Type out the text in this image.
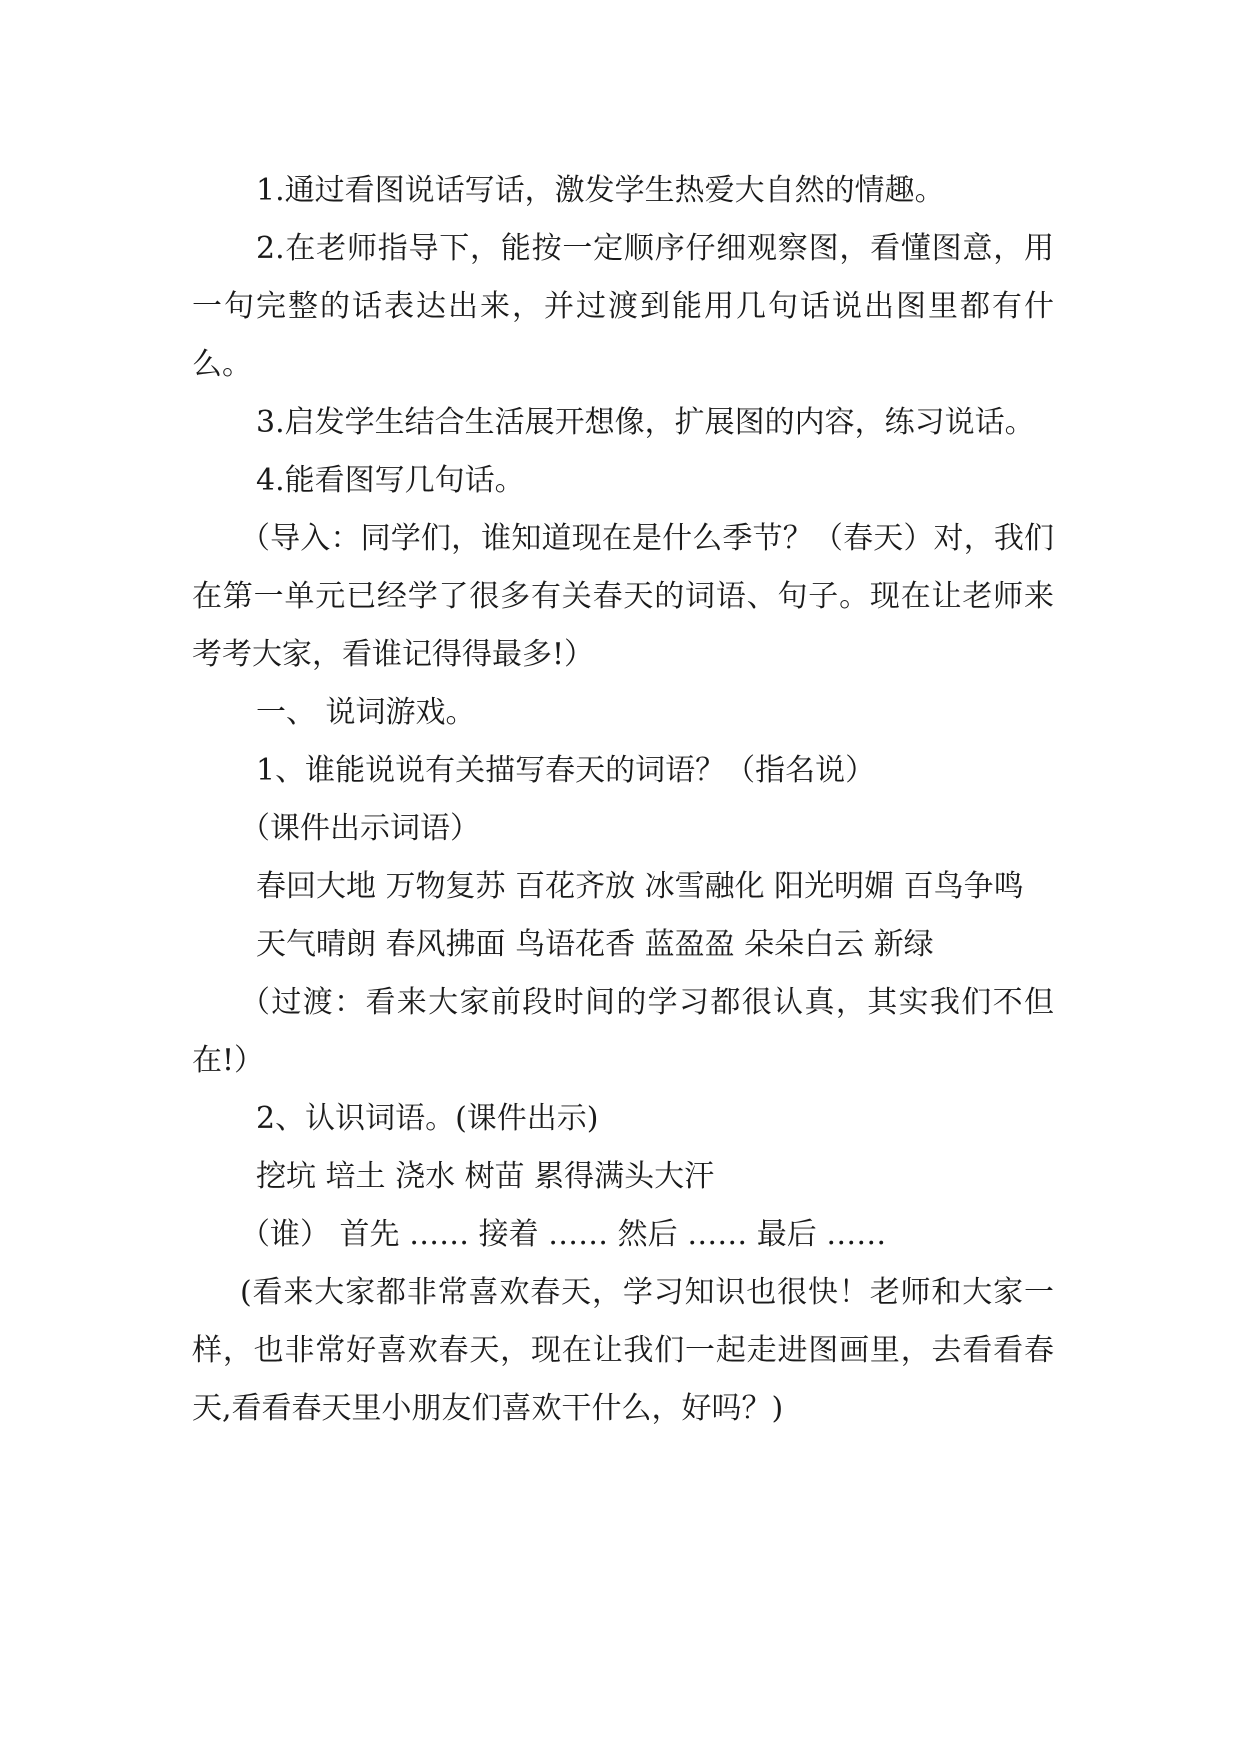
1.通过看图说话写话，激发学生热爱大自然的情趣。

2.在老师指导下，能按一定顺序仔细观察图，看懂图意，用一句完整的话表达出来，并过渡到能用几句话说出图里都有什么。

3.启发学生结合生活展开想像，扩展图的内容，练习说话。

4.能看图写几句话。

（导入：同学们，谁知道现在是什么季节？（春天）对，我们在第一单元已经学了很多有关春天的词语、句子。现在让老师来考考大家，看谁记得得最多!）

一、 说词游戏。

1、谁能说说有关描写春天的词语？（指名说）

（课件出示词语）

春回大地 万物复苏 百花齐放 冰雪融化 阳光明媚 百鸟争鸣

天气晴朗 春风拂面 鸟语花香 蓝盈盈 朵朵白云 新绿

（过渡：看来大家前段时间的学习都很认真，其实我们不但在!）

2、认识词语。(课件出示)

挖坑 培土 浇水 树苗 累得满头大汗

（谁） 首先 …… 接着 …… 然后 …… 最后 ……

(看来大家都非常喜欢春天，学习知识也很快！老师和大家一样，也非常好喜欢春天，现在让我们一起走进图画里，去看看春天,看看春天里小朋友们喜欢干什么，好吗？)
